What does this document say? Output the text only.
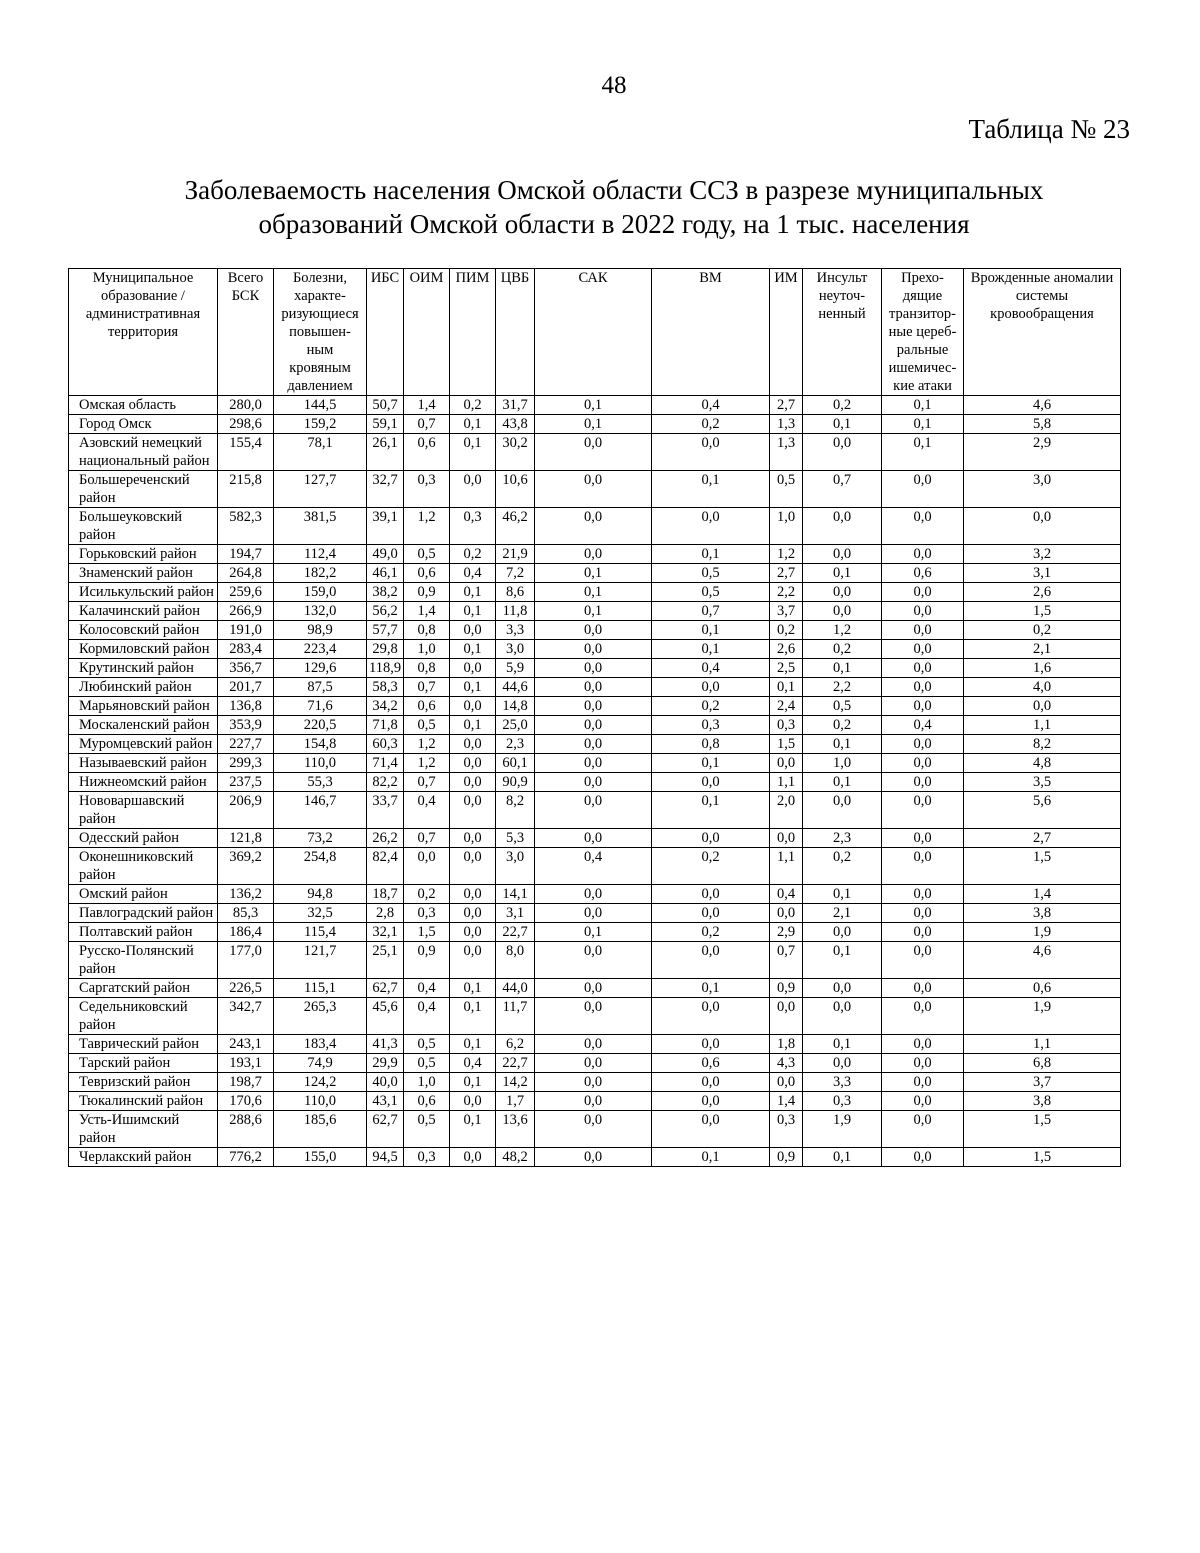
48
Таблица № 23
Заболеваемость населения Омской области ССЗ в разрезе муниципальных
образований Омской области в 2022 году, на 1 тыс. населения
Муниципальное образование / административная территория	Всего БСК	Болезни, характе-ризующиеся повышен-ным кровяным давлением	ИБС	ОИМ	ПИМ	ЦВБ	САК	ВМ	ИМ	Инсульт неуточ-ненный	Прехо-дящие транзитор-ные цереб-ральные ишемичес-кие атаки	Врожденные аномалии системы кровообращения
Омская область	280,0	144,5	50,7	1,4	0,2	31,7	0,1	0,4	2,7	0,2	0,1	4,6
Город Омск	298,6	159,2	59,1	0,7	0,1	43,8	0,1	0,2	1,3	0,1	0,1	5,8
Азовский немецкий национальный район	155,4	78,1	26,1	0,6	0,1	30,2	0,0	0,0	1,3	0,0	0,1	2,9
Большереченский район	215,8	127,7	32,7	0,3	0,0	10,6	0,0	0,1	0,5	0,7	0,0	3,0
Большеуковский район	582,3	381,5	39,1	1,2	0,3	46,2	0,0	0,0	1,0	0,0	0,0	0,0
Горьковский район	194,7	112,4	49,0	0,5	0,2	21,9	0,0	0,1	1,2	0,0	0,0	3,2
Знаменский район	264,8	182,2	46,1	0,6	0,4	7,2	0,1	0,5	2,7	0,1	0,6	3,1
Исилькульский район	259,6	159,0	38,2	0,9	0,1	8,6	0,1	0,5	2,2	0,0	0,0	2,6
Калачинский район	266,9	132,0	56,2	1,4	0,1	11,8	0,1	0,7	3,7	0,0	0,0	1,5
Колосовский район	191,0	98,9	57,7	0,8	0,0	3,3	0,0	0,1	0,2	1,2	0,0	0,2
Кормиловский район	283,4	223,4	29,8	1,0	0,1	3,0	0,0	0,1	2,6	0,2	0,0	2,1
Крутинский район	356,7	129,6	118,9	0,8	0,0	5,9	0,0	0,4	2,5	0,1	0,0	1,6
Любинский район	201,7	87,5	58,3	0,7	0,1	44,6	0,0	0,0	0,1	2,2	0,0	4,0
Марьяновский район	136,8	71,6	34,2	0,6	0,0	14,8	0,0	0,2	2,4	0,5	0,0	0,0
Москаленский район	353,9	220,5	71,8	0,5	0,1	25,0	0,0	0,3	0,3	0,2	0,4	1,1
Муромцевский район	227,7	154,8	60,3	1,2	0,0	2,3	0,0	0,8	1,5	0,1	0,0	8,2
Называевский район	299,3	110,0	71,4	1,2	0,0	60,1	0,0	0,1	0,0	1,0	0,0	4,8
Нижнеомский район	237,5	55,3	82,2	0,7	0,0	90,9	0,0	0,0	1,1	0,1	0,0	3,5
Нововаршавский район	206,9	146,7	33,7	0,4	0,0	8,2	0,0	0,1	2,0	0,0	0,0	5,6
Одесский район	121,8	73,2	26,2	0,7	0,0	5,3	0,0	0,0	0,0	2,3	0,0	2,7
Оконешниковский район	369,2	254,8	82,4	0,0	0,0	3,0	0,4	0,2	1,1	0,2	0,0	1,5
Омский район	136,2	94,8	18,7	0,2	0,0	14,1	0,0	0,0	0,4	0,1	0,0	1,4
Павлоградский район	85,3	32,5	2,8	0,3	0,0	3,1	0,0	0,0	0,0	2,1	0,0	3,8
Полтавский район	186,4	115,4	32,1	1,5	0,0	22,7	0,1	0,2	2,9	0,0	0,0	1,9
Русско-Полянский район	177,0	121,7	25,1	0,9	0,0	8,0	0,0	0,0	0,7	0,1	0,0	4,6
Саргатский район	226,5	115,1	62,7	0,4	0,1	44,0	0,0	0,1	0,9	0,0	0,0	0,6
Седельниковский район	342,7	265,3	45,6	0,4	0,1	11,7	0,0	0,0	0,0	0,0	0,0	1,9
Таврический район	243,1	183,4	41,3	0,5	0,1	6,2	0,0	0,0	1,8	0,1	0,0	1,1
Тарский район	193,1	74,9	29,9	0,5	0,4	22,7	0,0	0,6	4,3	0,0	0,0	6,8
Тевризский район	198,7	124,2	40,0	1,0	0,1	14,2	0,0	0,0	0,0	3,3	0,0	3,7
Тюкалинский район	170,6	110,0	43,1	0,6	0,0	1,7	0,0	0,0	1,4	0,3	0,0	3,8
Усть-Ишимский район	288,6	185,6	62,7	0,5	0,1	13,6	0,0	0,0	0,3	1,9	0,0	1,5
Черлакский район	776,2	155,0	94,5	0,3	0,0	48,2	0,0	0,1	0,9	0,1	0,0	1,5
